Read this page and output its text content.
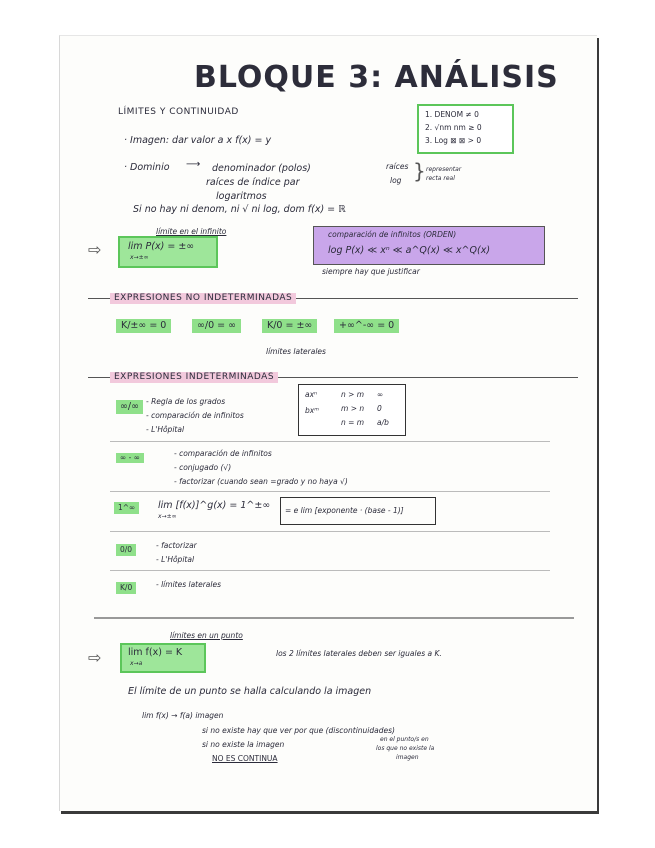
BLOQUE 3: ANÁLISIS
LÍMITES Y CONTINUIDAD	1. DENOM ≠ 0
2. √nm nm ≥ 0
3. Log ⊠ ⊠ > 0
· Imagen: dar valor a x f(x) = y
· Dominio ⟶ denominador (polos)
raíces de índice par
logaritmos
raíces
log } representar
recta real
Si no hay ni denom, ni √ ni log, dom f(x) = ℝ
límite en el infinito
⇨	lim P(x) = ±∞
x→±∞
comparación de infinitos (ORDEN)
log P(x) ≪ xⁿ ≪ a^Q(x) ≪ x^Q(x)
siempre hay que justificar
EXPRESIONES NO INDETERMINADAS
K/±∞ = 0	∞/0 = ∞	K/0 = ±∞	+∞^-∞ = 0
límites laterales
EXPRESIONES INDETERMINADAS
∞/∞ - Regla de los grados
- comparación de infinitos
- L'Hôpital
axⁿ	n > m ∞
bxᵐ	m > n 0
n = m a/b
∞ - ∞	- comparación de infinitos
- conjugado (√)
- factorizar (cuando sean =grado y no haya √)
1^∞	lim [f(x)]^g(x) = 1^±∞
x→±∞
= e lim [exponente · (base - 1)]
0/0	- factorizar
- L'Hôpital
K/0	- límites laterales
límites en un punto
⇨	lim f(x) = K
x→a
los 2 límites laterales deben ser iguales a K.
El límite de un punto se halla calculando la imagen
lim f(x) → f(a) imagen
si no existe hay que ver por que (discontinuidades)
si no existe la imagen
NO ES CONTINUA
en el punto/s en
los que no existe la
imagen
